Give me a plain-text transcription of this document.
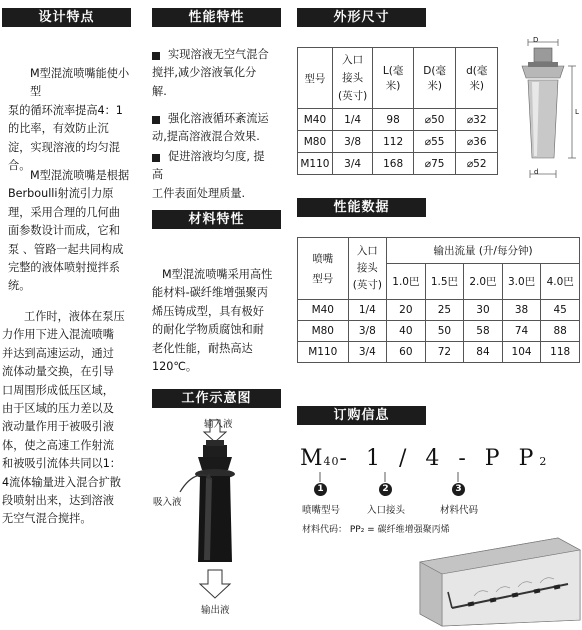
设计特点

M型混流喷嘴能使小型

泵的循环流率提高4：1

的比率，有效防止沉

淀，实现溶液的均匀混

合。

M型混流喷嘴是根据

Berboulli射流引力原

理，采用合理的几何曲

面参数设计而成，它和

泵 、管路一起共同构成

完整的液体喷射搅拌系

统。

工作时，液体在泵压

力作用下进入混流喷嘴

并达到高速运动，通过

流体动量交换，在引导

口周围形成低压区域，

由于区域的压力差以及

液动量作用于被吸引液

体，使之高速工作射流

和被吸引流体共同以1：

4流体输量进入混合扩散

段喷射出来，达到溶液

无空气混合搅拌。

性能特性

实现溶液无空气混合

搅拌,减少溶液氧化分

解.

强化溶液循环紊流运

动,提高溶液混合效果.

促进溶液均匀度, 提

高

工件表面处理质量.

材料特性

M型混流喷嘴采用高性

能材料-碳纤维增强聚丙

烯压铸成型，具有极好

的耐化学物质腐蚀和耐

老化性能，耐热高达

120℃。

工作示意图
输入液
吸入液
输出液
外形尺寸
型号	入口
接头
(英寸)	L(毫
米)	D(毫
米)	d(毫
米)
M40	1/4	98	⌀50	⌀32
M80	3/8	112	⌀55	⌀36
M110	3/4	168	⌀75	⌀52
D
L
d
性能数据
喷嘴
型号	入口
接头
(英寸)	输出流量 (升/每分钟)				
		1.0巴	1.5巴	2.0巴	3.0巴	4.0巴
M40	1/4	20	25	30	38	45
M80	3/8	40	50	58	74	88
M110	3/4	60	72	84	104	118
订购信息
M40- 1 / 4 - P P2
1	2	3
喷嘴型号	入口接头	材料代码
材料代码： PP₂ = 碳纤维增强聚丙烯
